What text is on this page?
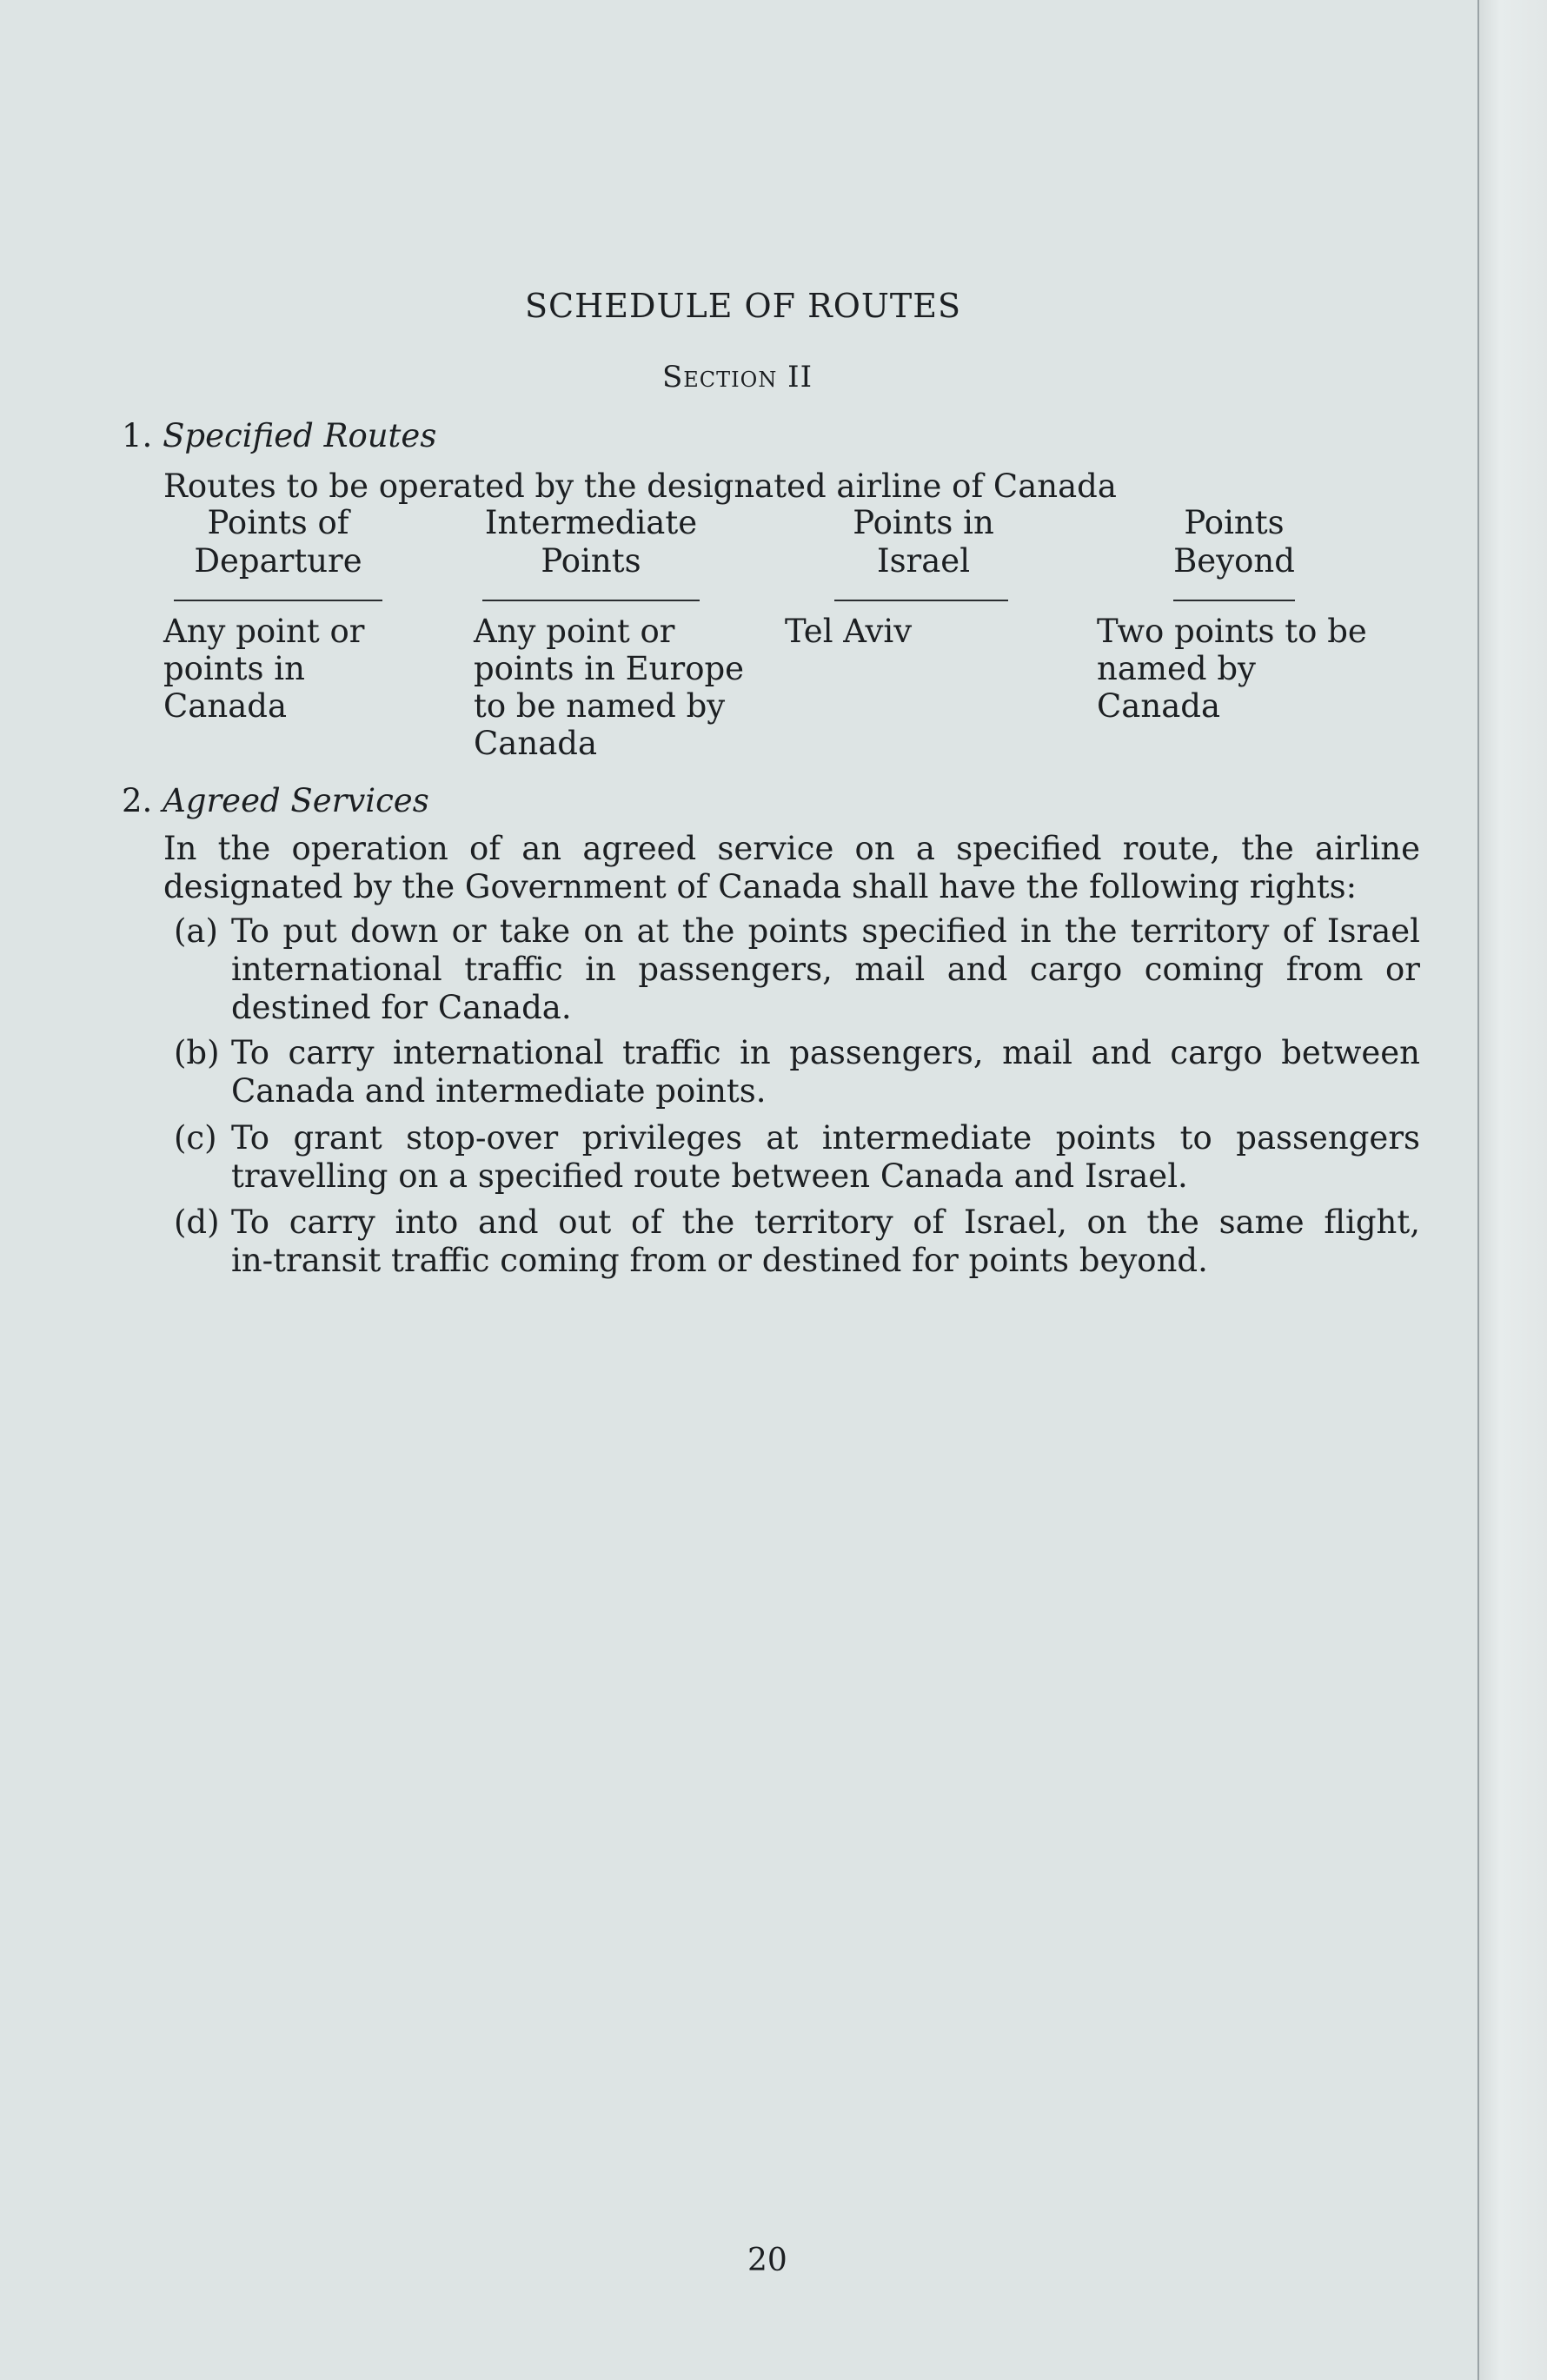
SCHEDULE OF ROUTES
Section II
1. Specified Routes
Routes to be operated by the designated airline of Canada
Points of
Departure
Intermediate
Points
Points in
Israel
Points
Beyond
Any point or
points in
Canada
Any point or
points in Europe
to be named by
Canada
Tel Aviv	Two points to be
named by
Canada
2. Agreed Services
In the operation of an agreed service on a specified route, the airline
designated by the Government of Canada shall have the following rights:
(a) To put down or take on at the points specified in the territory of Israel
international traffic in passengers, mail and cargo coming from or
destined for Canada.
(b) To carry international traffic in passengers, mail and cargo between
Canada and intermediate points.
(c) To grant stop-over privileges at intermediate points to passengers
travelling on a specified route between Canada and Israel.
(d) To carry into and out of the territory of Israel, on the same flight,
in-transit traffic coming from or destined for points beyond.
20
